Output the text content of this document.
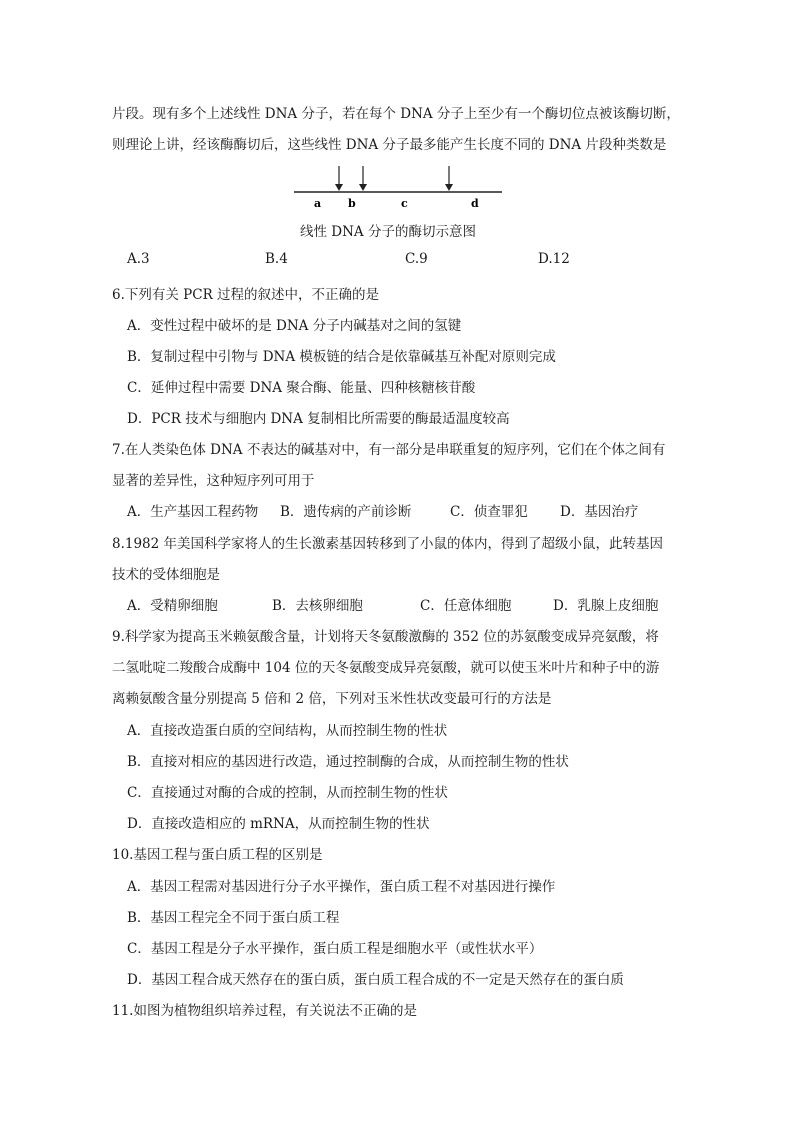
片段。现有多个上述线性 DNA 分子，若在每个 DNA 分子上至少有一个酶切位点被该酶切断，
则理论上讲，经该酶酶切后，这些线性 DNA 分子最多能产生长度不同的 DNA 片段种类数是
a b	c	d
线性 DNA 分子的酶切示意图
A.3	B.4	C.9	D.12
6.下列有关 PCR 过程的叙述中，不正确的是
A．变性过程中破坏的是 DNA 分子内碱基对之间的氢键
B．复制过程中引物与 DNA 模板链的结合是依靠碱基互补配对原则完成
C．延伸过程中需要 DNA 聚合酶、能量、四种核糖核苷酸
D．PCR 技术与细胞内 DNA 复制相比所需要的酶最适温度较高
7.在人类染色体 DNA 不表达的碱基对中，有一部分是串联重复的短序列，它们在个体之间有
显著的差异性，这种短序列可用于
A．生产基因工程药物 B．遗传病的产前诊断	C．侦查罪犯 D．基因治疗
8.1982 年美国科学家将人的生长激素基因转移到了小鼠的体内，得到了超级小鼠，此转基因
技术的受体细胞是
A．受精卵细胞	B．去核卵细胞	C．任意体细胞	D．乳腺上皮细胞
9.科学家为提高玉米赖氨酸含量，计划将天冬氨酸激酶的 352 位的苏氨酸变成异亮氨酸，将
二氢吡啶二羧酸合成酶中 104 位的天冬氨酸变成异亮氨酸，就可以使玉米叶片和种子中的游
离赖氨酸含量分别提高 5 倍和 2 倍，下列对玉米性状改变最可行的方法是
A．直接改造蛋白质的空间结构，从而控制生物的性状
B．直接对相应的基因进行改造，通过控制酶的合成，从而控制生物的性状
C．直接通过对酶的合成的控制，从而控制生物的性状
D．直接改造相应的 mRNA，从而控制生物的性状
10.基因工程与蛋白质工程的区别是
A．基因工程需对基因进行分子水平操作，蛋白质工程不对基因进行操作
B．基因工程完全不同于蛋白质工程
C．基因工程是分子水平操作，蛋白质工程是细胞水平（或性状水平）
D．基因工程合成天然存在的蛋白质，蛋白质工程合成的不一定是天然存在的蛋白质
11.如图为植物组织培养过程，有关说法不正确的是
